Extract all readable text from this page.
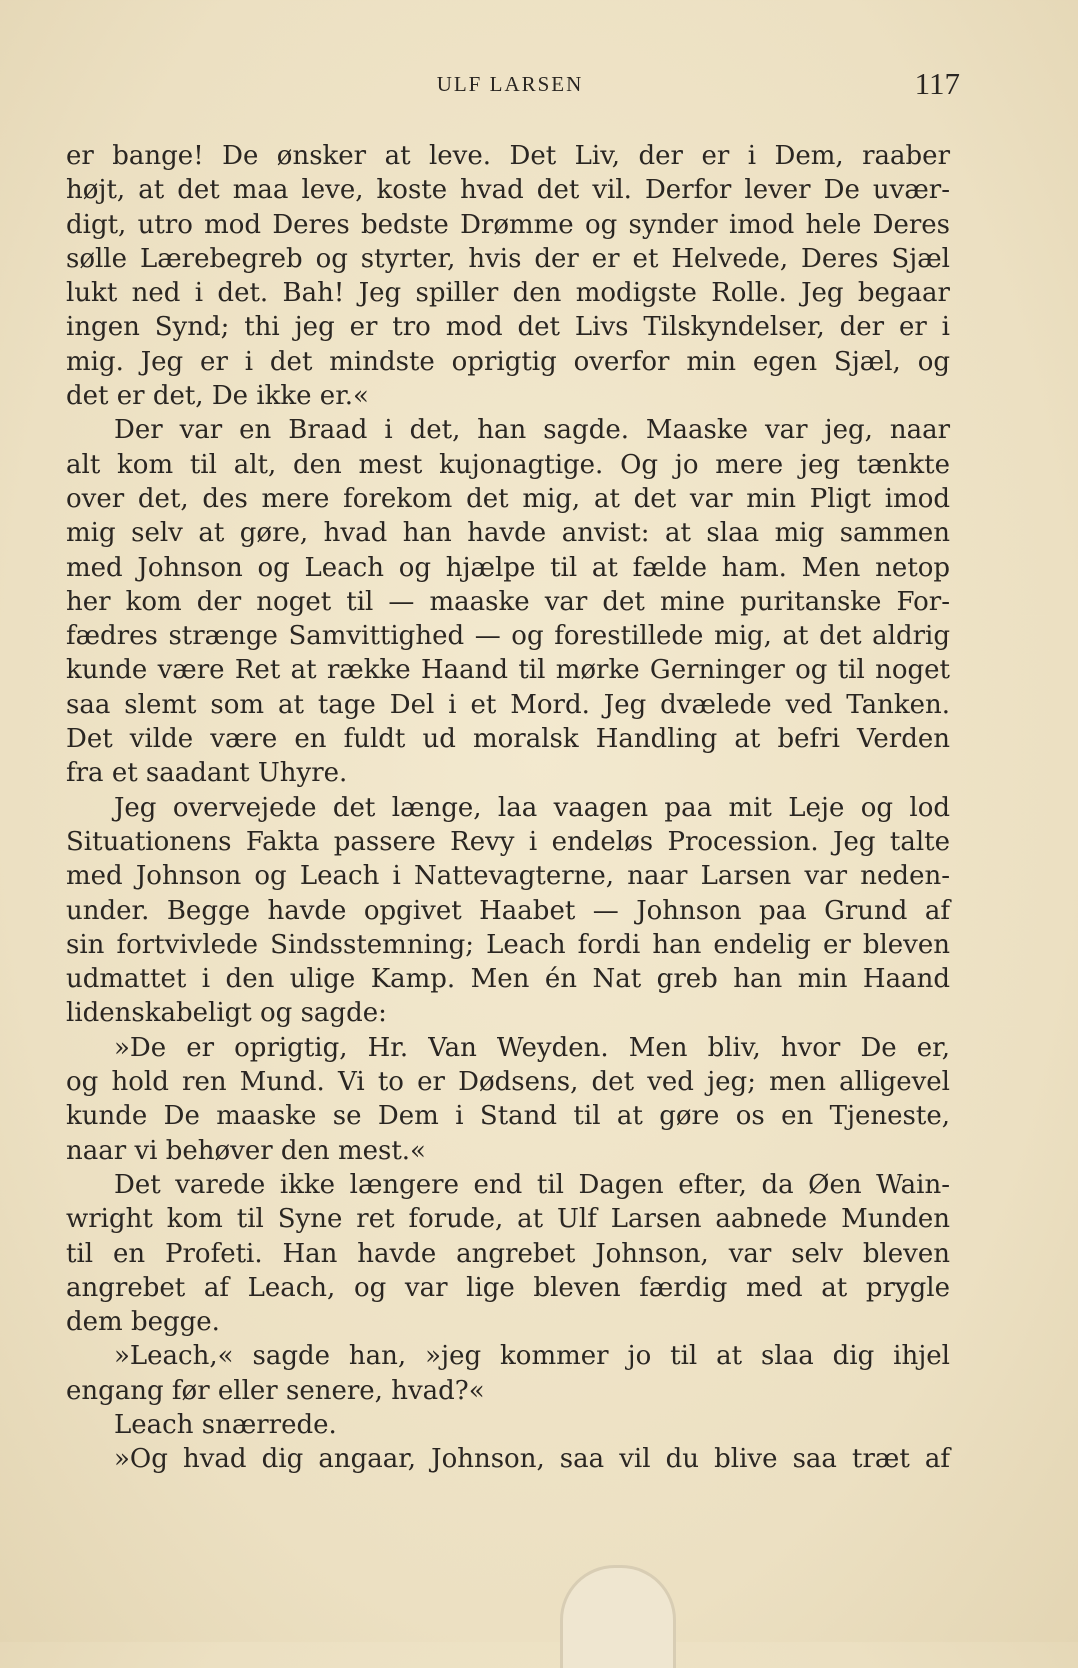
ULF LARSEN	117

er bange! De ønsker at leve. Det Liv, der er i Dem, raaber

højt, at det maa leve, koste hvad det vil. Derfor lever De uvær-

digt, utro mod Deres bedste Drømme og synder imod hele Deres

sølle Lærebegreb og styrter, hvis der er et Helvede, Deres Sjæl

lukt ned i det. Bah! Jeg spiller den modigste Rolle. Jeg begaar

ingen Synd; thi jeg er tro mod det Livs Tilskyndelser, der er i

mig. Jeg er i det mindste oprigtig overfor min egen Sjæl, og

det er det, De ikke er.«

Der var en Braad i det, han sagde. Maaske var jeg, naar

alt kom til alt, den mest kujonagtige. Og jo mere jeg tænkte

over det, des mere forekom det mig, at det var min Pligt imod

mig selv at gøre, hvad han havde anvist: at slaa mig sammen

med Johnson og Leach og hjælpe til at fælde ham. Men netop

her kom der noget til — maaske var det mine puritanske For-

fædres strænge Samvittighed — og forestillede mig, at det aldrig

kunde være Ret at række Haand til mørke Gerninger og til noget

saa slemt som at tage Del i et Mord. Jeg dvælede ved Tanken.

Det vilde være en fuldt ud moralsk Handling at befri Verden

fra et saadant Uhyre.

Jeg overvejede det længe, laa vaagen paa mit Leje og lod

Situationens Fakta passere Revy i endeløs Procession. Jeg talte

med Johnson og Leach i Nattevagterne, naar Larsen var neden-

under. Begge havde opgivet Haabet — Johnson paa Grund af

sin fortvivlede Sindsstemning; Leach fordi han endelig er bleven

udmattet i den ulige Kamp. Men én Nat greb han min Haand

lidenskabeligt og sagde:

»De er oprigtig, Hr. Van Weyden. Men bliv, hvor De er,

og hold ren Mund. Vi to er Dødsens, det ved jeg; men alligevel

kunde De maaske se Dem i Stand til at gøre os en Tjeneste,

naar vi behøver den mest.«

Det varede ikke længere end til Dagen efter, da Øen Wain-

wright kom til Syne ret forude, at Ulf Larsen aabnede Munden

til en Profeti. Han havde angrebet Johnson, var selv bleven

angrebet af Leach, og var lige bleven færdig med at prygle

dem begge.

»Leach,« sagde han, »jeg kommer jo til at slaa dig ihjel

engang før eller senere, hvad?«

Leach snærrede.

»Og hvad dig angaar, Johnson, saa vil du blive saa træt af
